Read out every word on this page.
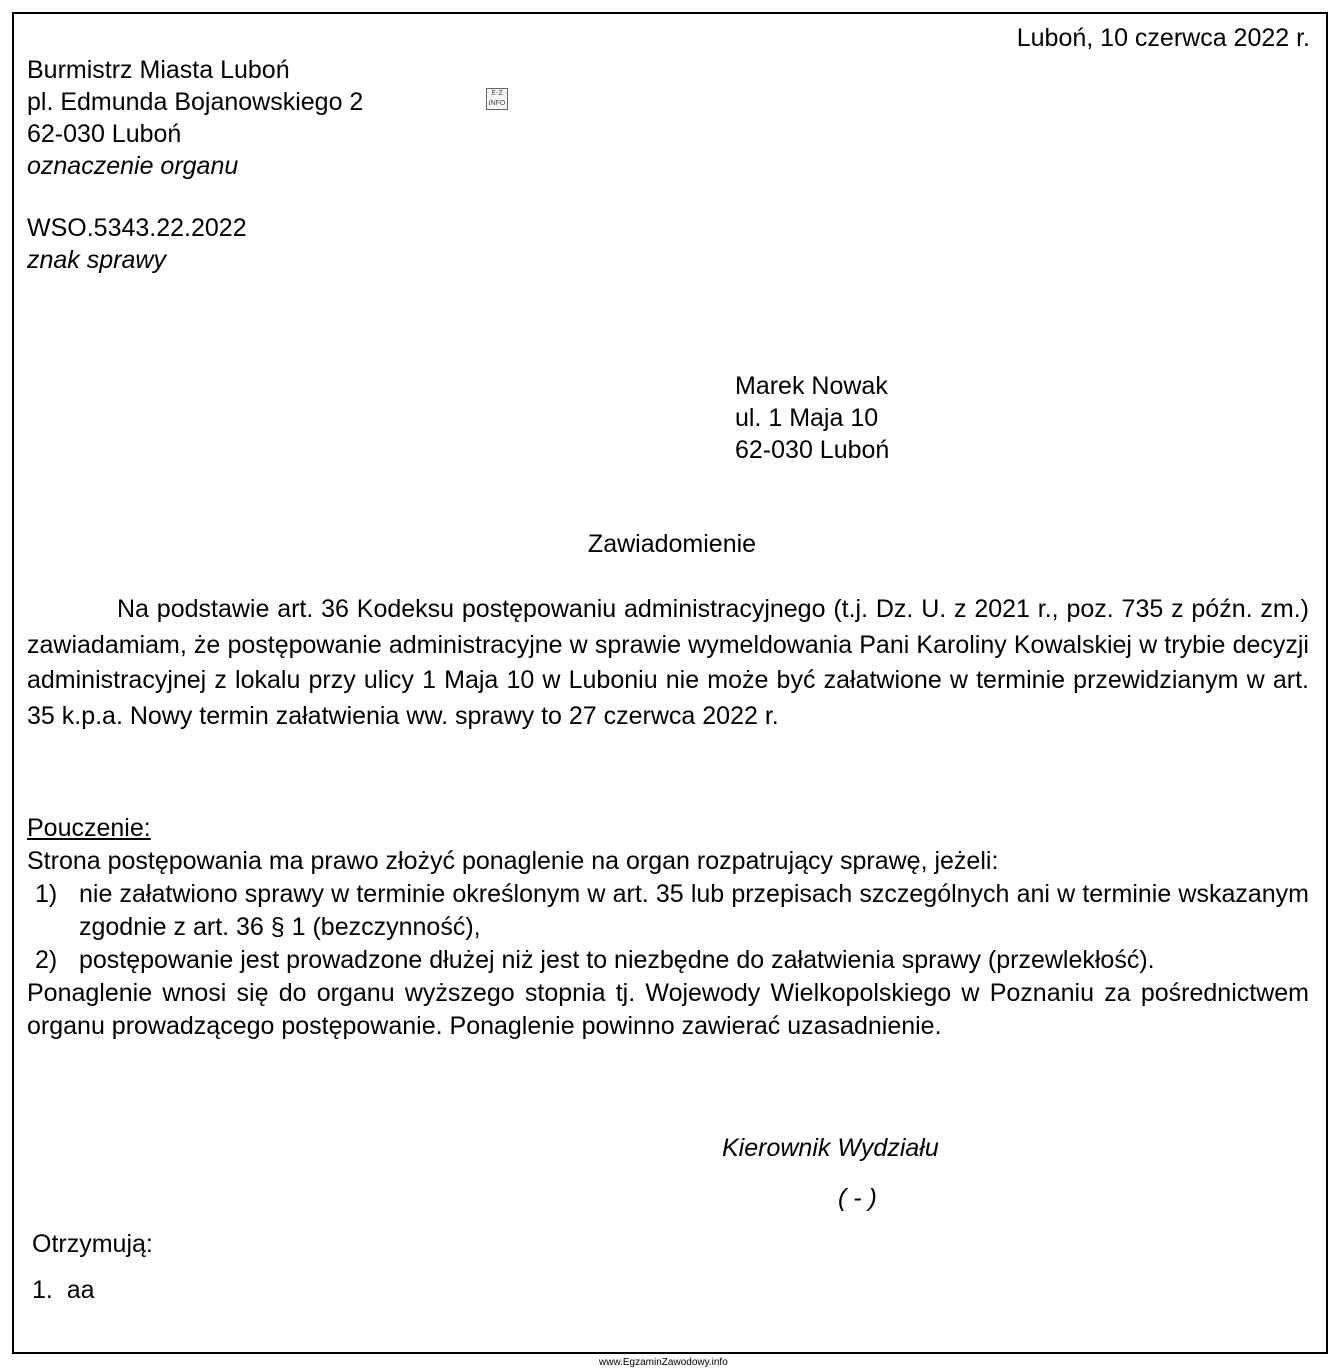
Luboń, 10 czerwca 2022 r.
Burmistrz Miasta Luboń
pl. Edmunda Bojanowskiego 2
62-030 Luboń
oznaczenie organu
E-Z INFO
WSO.5343.22.2022
znak sprawy
Marek Nowak
ul. 1 Maja 10
62-030 Luboń
Zawiadomienie

Na podstawie art. 36 Kodeksu postępowaniu administracyjnego (t.j. Dz. U. z 2021 r., poz. 735 z późn. zm.) zawiadamiam, że postępowanie administracyjne w sprawie wymeldowania Pani Karoliny Kowalskiej w trybie decyzji administracyjnej z lokalu przy ulicy 1 Maja 10 w Luboniu nie może być załatwione w terminie przewidzianym w art. 35 k.p.a. Nowy termin załatwienia ww. sprawy to 27 czerwca 2022 r.

Pouczenie:
Strona postępowania ma prawo złożyć ponaglenie na organ rozpatrujący sprawę, jeżeli:
1) nie załatwiono sprawy w terminie określonym w art. 35 lub przepisach szczególnych ani w terminie wskazanym zgodnie z art. 36 § 1 (bezczynność),
2) postępowanie jest prowadzone dłużej niż jest to niezbędne do załatwienia sprawy (przewlekłość).
Ponaglenie wnosi się do organu wyższego stopnia tj. Wojewody Wielkopolskiego w Poznaniu za pośrednictwem organu prowadzącego postępowanie. Ponaglenie powinno zawierać uzasadnienie.
Kierownik Wydziału
( - )
Otrzymują:
1. aa
www.EgzaminZawodowy.info
